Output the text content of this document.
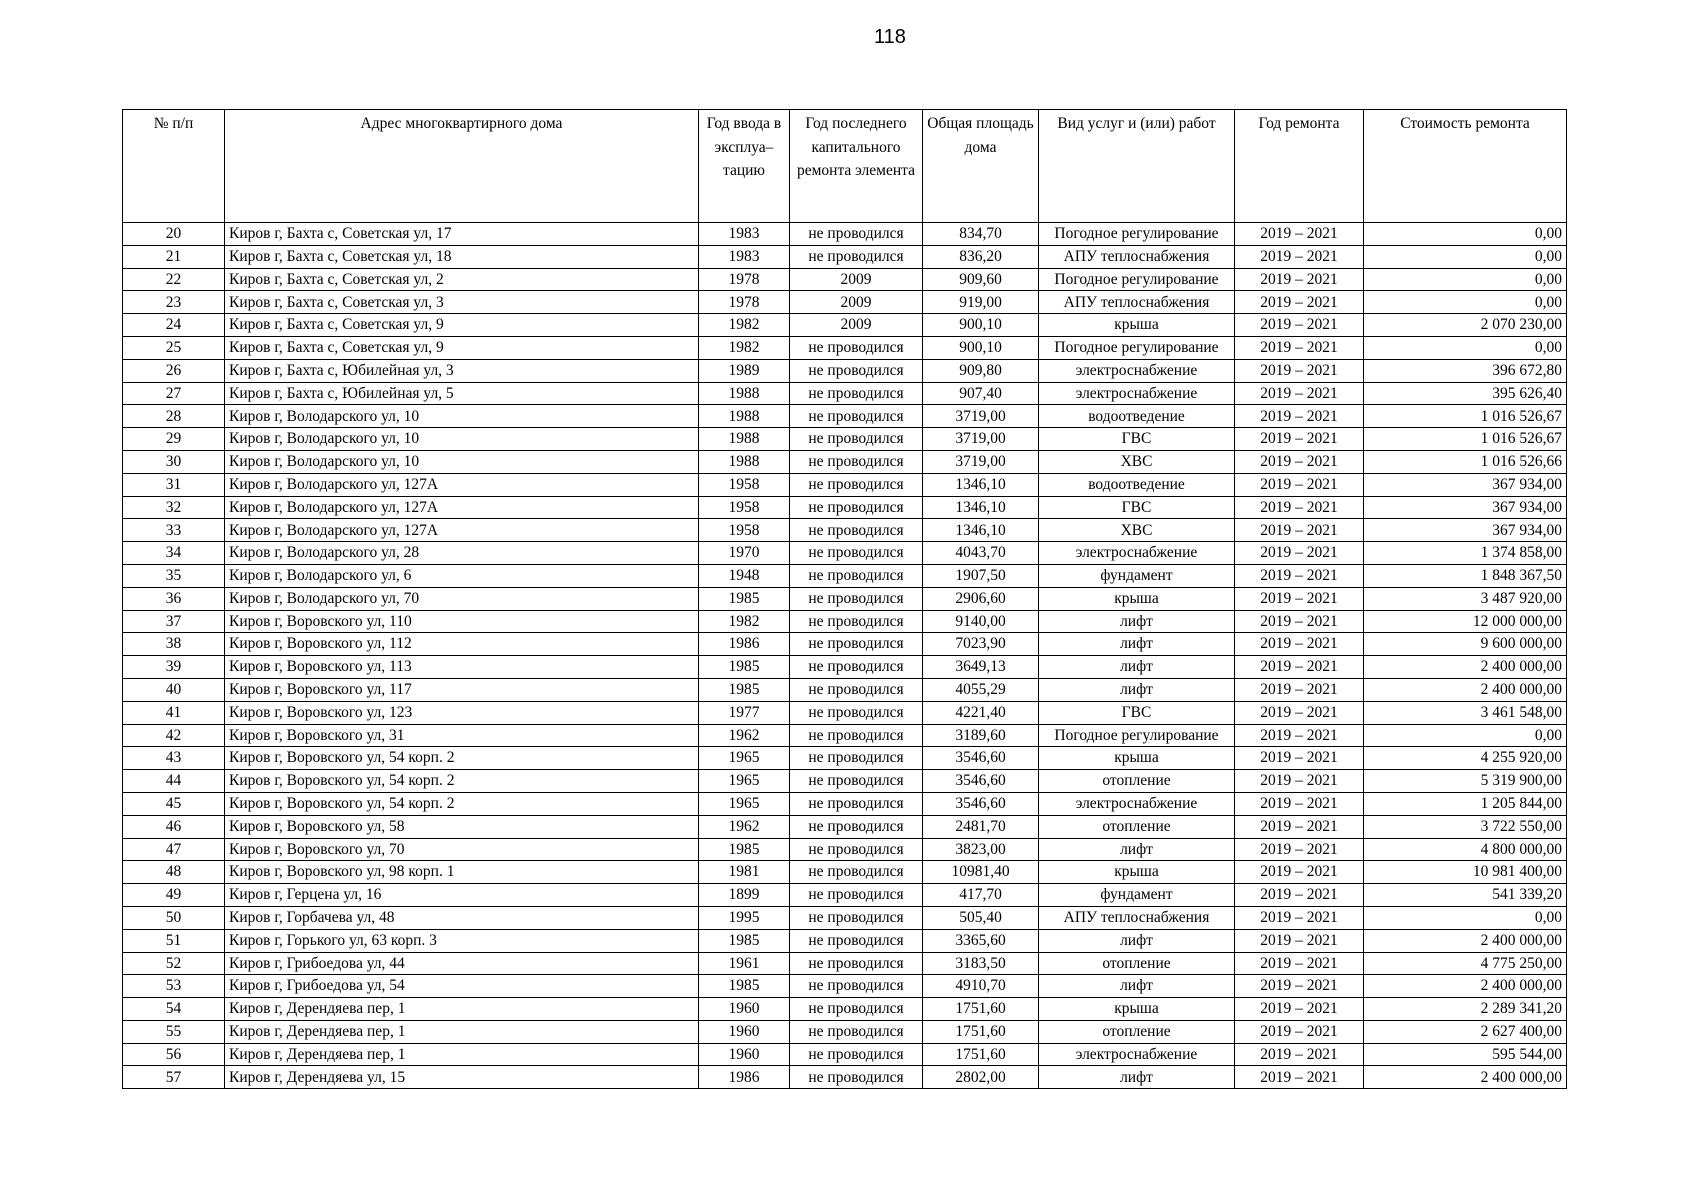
118
№ п/п	Адрес многоквартирного дома	Год ввода в эксплуа–тацию	Год последнего капитального ремонта элемента	Общая площадь дома	Вид услуг и (или) работ	Год ремонта	Стоимость ремонта
20	Киров г, Бахта с, Советская ул, 17	1983	не проводился	834,70	Погодное регулирование	2019 – 2021	0,00
21	Киров г, Бахта с, Советская ул, 18	1983	не проводился	836,20	АПУ теплоснабжения	2019 – 2021	0,00
22	Киров г, Бахта с, Советская ул, 2	1978	2009	909,60	Погодное регулирование	2019 – 2021	0,00
23	Киров г, Бахта с, Советская ул, 3	1978	2009	919,00	АПУ теплоснабжения	2019 – 2021	0,00
24	Киров г, Бахта с, Советская ул, 9	1982	2009	900,10	крыша	2019 – 2021	2 070 230,00
25	Киров г, Бахта с, Советская ул, 9	1982	не проводился	900,10	Погодное регулирование	2019 – 2021	0,00
26	Киров г, Бахта с, Юбилейная ул, 3	1989	не проводился	909,80	электроснабжение	2019 – 2021	396 672,80
27	Киров г, Бахта с, Юбилейная ул, 5	1988	не проводился	907,40	электроснабжение	2019 – 2021	395 626,40
28	Киров г, Володарского ул, 10	1988	не проводился	3719,00	водоотведение	2019 – 2021	1 016 526,67
29	Киров г, Володарского ул, 10	1988	не проводился	3719,00	ГВС	2019 – 2021	1 016 526,67
30	Киров г, Володарского ул, 10	1988	не проводился	3719,00	ХВС	2019 – 2021	1 016 526,66
31	Киров г, Володарского ул, 127А	1958	не проводился	1346,10	водоотведение	2019 – 2021	367 934,00
32	Киров г, Володарского ул, 127А	1958	не проводился	1346,10	ГВС	2019 – 2021	367 934,00
33	Киров г, Володарского ул, 127А	1958	не проводился	1346,10	ХВС	2019 – 2021	367 934,00
34	Киров г, Володарского ул, 28	1970	не проводился	4043,70	электроснабжение	2019 – 2021	1 374 858,00
35	Киров г, Володарского ул, 6	1948	не проводился	1907,50	фундамент	2019 – 2021	1 848 367,50
36	Киров г, Володарского ул, 70	1985	не проводился	2906,60	крыша	2019 – 2021	3 487 920,00
37	Киров г, Воровского ул, 110	1982	не проводился	9140,00	лифт	2019 – 2021	12 000 000,00
38	Киров г, Воровского ул, 112	1986	не проводился	7023,90	лифт	2019 – 2021	9 600 000,00
39	Киров г, Воровского ул, 113	1985	не проводился	3649,13	лифт	2019 – 2021	2 400 000,00
40	Киров г, Воровского ул, 117	1985	не проводился	4055,29	лифт	2019 – 2021	2 400 000,00
41	Киров г, Воровского ул, 123	1977	не проводился	4221,40	ГВС	2019 – 2021	3 461 548,00
42	Киров г, Воровского ул, 31	1962	не проводился	3189,60	Погодное регулирование	2019 – 2021	0,00
43	Киров г, Воровского ул, 54 корп. 2	1965	не проводился	3546,60	крыша	2019 – 2021	4 255 920,00
44	Киров г, Воровского ул, 54 корп. 2	1965	не проводился	3546,60	отопление	2019 – 2021	5 319 900,00
45	Киров г, Воровского ул, 54 корп. 2	1965	не проводился	3546,60	электроснабжение	2019 – 2021	1 205 844,00
46	Киров г, Воровского ул, 58	1962	не проводился	2481,70	отопление	2019 – 2021	3 722 550,00
47	Киров г, Воровского ул, 70	1985	не проводился	3823,00	лифт	2019 – 2021	4 800 000,00
48	Киров г, Воровского ул, 98 корп. 1	1981	не проводился	10981,40	крыша	2019 – 2021	10 981 400,00
49	Киров г, Герцена ул, 16	1899	не проводился	417,70	фундамент	2019 – 2021	541 339,20
50	Киров г, Горбачева ул, 48	1995	не проводился	505,40	АПУ теплоснабжения	2019 – 2021	0,00
51	Киров г, Горького ул, 63 корп. 3	1985	не проводился	3365,60	лифт	2019 – 2021	2 400 000,00
52	Киров г, Грибоедова ул, 44	1961	не проводился	3183,50	отопление	2019 – 2021	4 775 250,00
53	Киров г, Грибоедова ул, 54	1985	не проводился	4910,70	лифт	2019 – 2021	2 400 000,00
54	Киров г, Дерендяева пер, 1	1960	не проводился	1751,60	крыша	2019 – 2021	2 289 341,20
55	Киров г, Дерендяева пер, 1	1960	не проводился	1751,60	отопление	2019 – 2021	2 627 400,00
56	Киров г, Дерендяева пер, 1	1960	не проводился	1751,60	электроснабжение	2019 – 2021	595 544,00
57	Киров г, Дерендяева ул, 15	1986	не проводился	2802,00	лифт	2019 – 2021	2 400 000,00
